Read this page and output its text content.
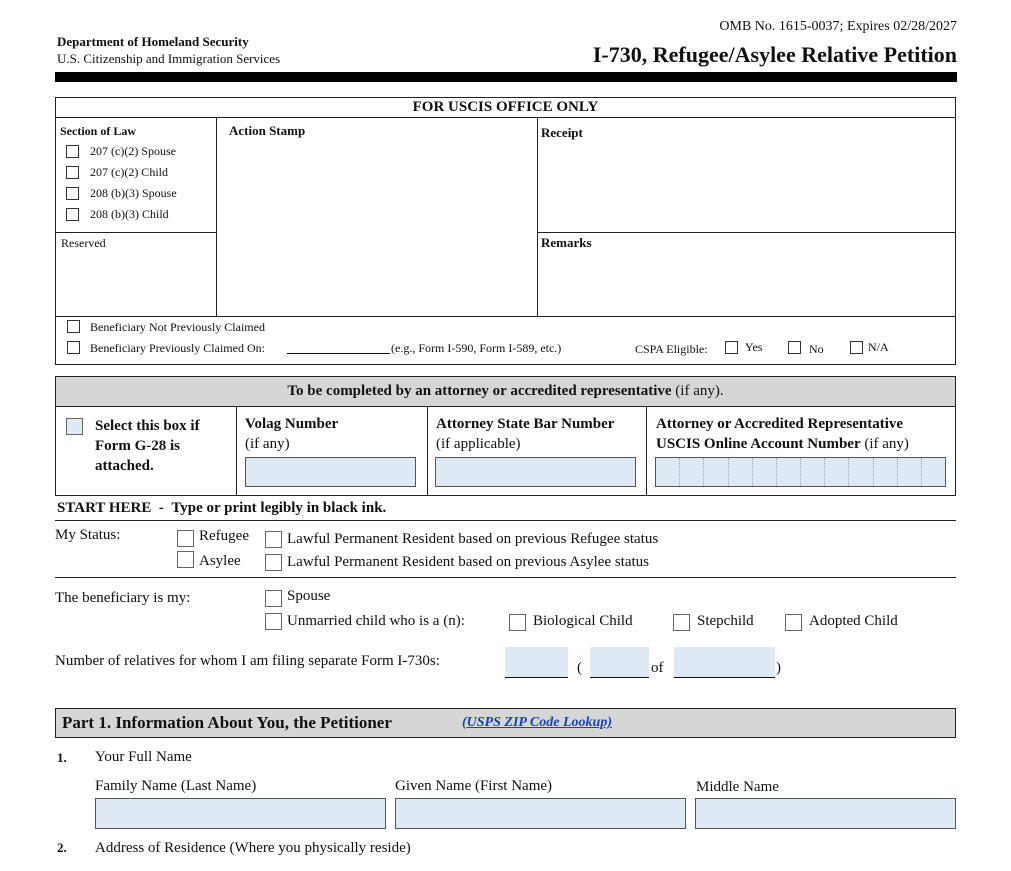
Department of Homeland Security
U.S. Citizenship and Immigration Services
OMB No. 1615-0037; Expires 02/28/2027
I-730, Refugee/Asylee Relative Petition
FOR USCIS OFFICE ONLY
Section of Law
207 (c)(2) Spouse
207 (c)(2) Child
208 (b)(3) Spouse
208 (b)(3) Child
Action Stamp	Receipt
Reserved	Remarks
Beneficiary Not Previously Claimed
Beneficiary Previously Claimed On:	(e.g., Form I-590, Form I-589, etc.)	CSPA Eligible:	Yes	No	N/A
To be completed by an attorney or accredited representative (if any).
Select this box if
Form G-28 is
attached.
Volag Number
(if any)
Attorney State Bar Number
(if applicable)
Attorney or Accredited Representative
USCIS Online Account Number (if any)
START HERE - Type or print legibly in black ink.
My Status:	Refugee
Asylee
Lawful Permanent Resident based on previous Refugee status
Lawful Permanent Resident based on previous Asylee status
The beneficiary is my:	Spouse
Unmarried child who is a (n):	Biological Child	Stepchild	Adopted Child
Number of relatives for whom I am filing separate Form I-730s:	(	of	)
Part 1. Information About You, the Petitioner	(USPS ZIP Code Lookup)
1. Your Full Name
Family Name (Last Name)	Given Name (First Name)	Middle Name
2. Address of Residence (Where you physically reside)
